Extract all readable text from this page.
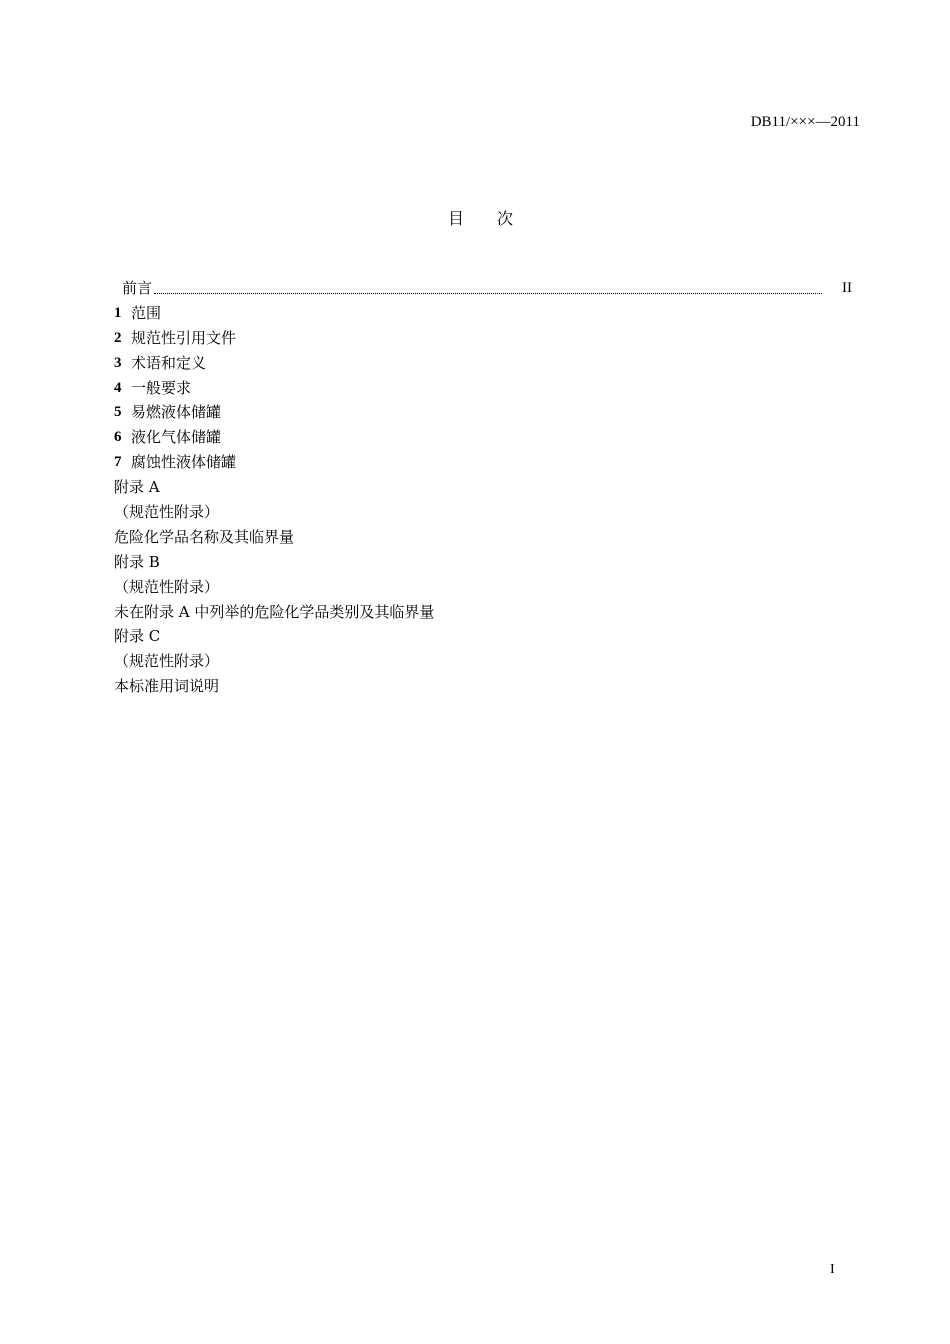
DB11/×××—2011
目 次
前言	II
1 范围
2 规范性引用文件
3 术语和定义
4 一般要求
5 易燃液体储罐
6 液化气体储罐
7 腐蚀性液体储罐
附录 A
（规范性附录）
危险化学品名称及其临界量
附录 B
（规范性附录）
未在附录 A 中列举的危险化学品类别及其临界量
附录 C
（规范性附录）
本标准用词说明
I
